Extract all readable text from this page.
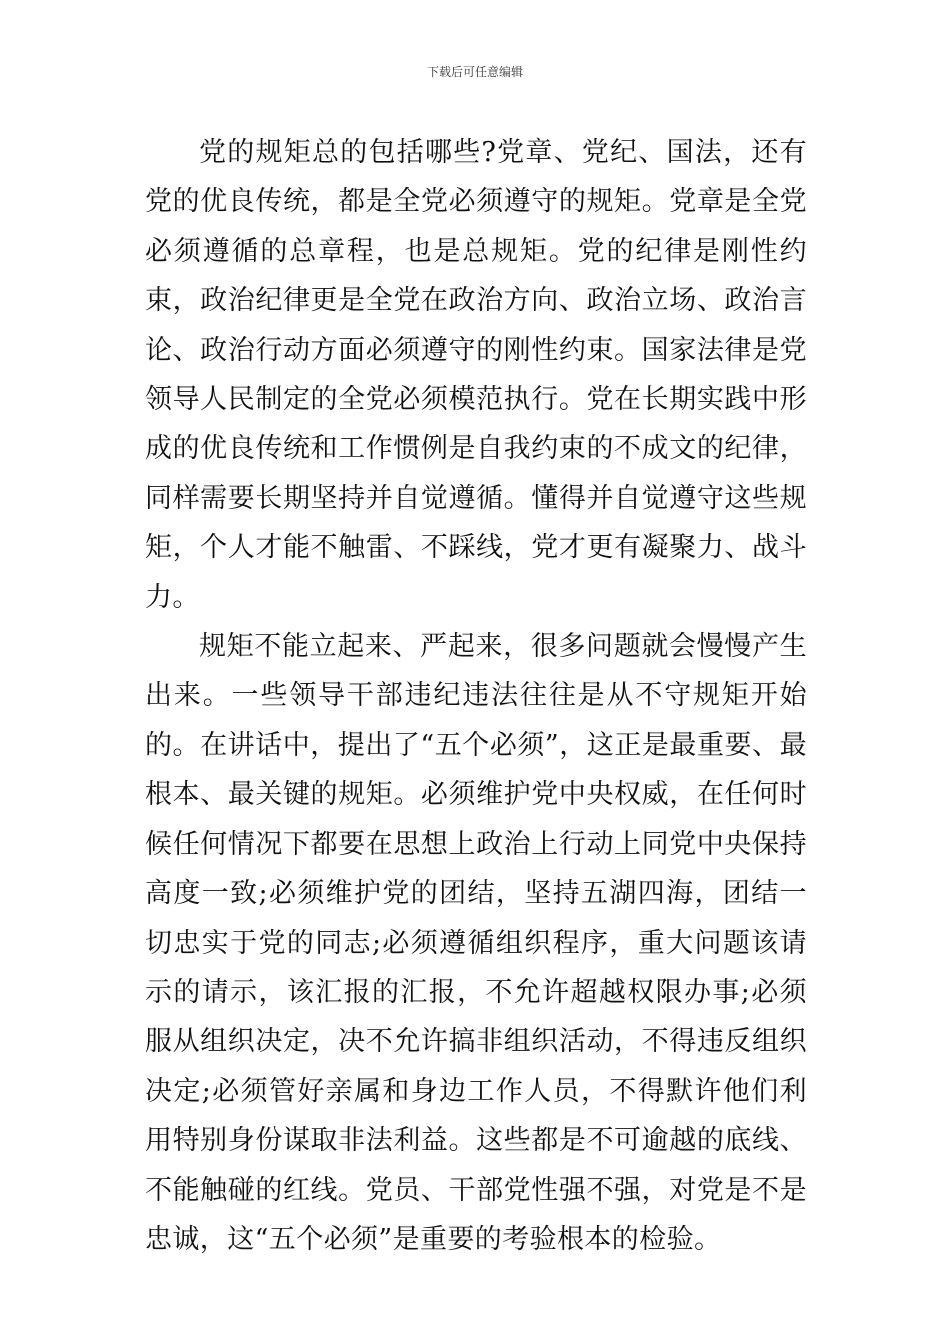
下载后可任意编辑

党的规矩总的包括哪些?党章、党纪、国法，还有党的优良传统，都是全党必须遵守的规矩。党章是全党必须遵循的总章程，也是总规矩。党的纪律是刚性约束，政治纪律更是全党在政治方向、政治立场、政治言论、政治行动方面必须遵守的刚性约束。国家法律是党领导人民制定的全党必须模范执行。党在长期实践中形成的优良传统和工作惯例是自我约束的不成文的纪律，同样需要长期坚持并自觉遵循。懂得并自觉遵守这些规矩，个人才能不触雷、不踩线，党才更有凝聚力、战斗力。

规矩不能立起来、严起来，很多问题就会慢慢产生出来。一些领导干部违纪违法往往是从不守规矩开始的。在讲话中，提出了“五个必须”，这正是最重要、最根本、最关键的规矩。必须维护党中央权威，在任何时候任何情况下都要在思想上政治上行动上同党中央保持高度一致;必须维护党的团结，坚持五湖四海，团结一切忠实于党的同志;必须遵循组织程序，重大问题该请示的请示，该汇报的汇报，不允许超越权限办事;必须服从组织决定，决不允许搞非组织活动，不得违反组织决定;必须管好亲属和身边工作人员，不得默许他们利用特别身份谋取非法利益。这些都是不可逾越的底线、不能触碰的红线。党员、干部党性强不强，对党是不是忠诚，这“五个必须”是重要的考验根本的检验。
